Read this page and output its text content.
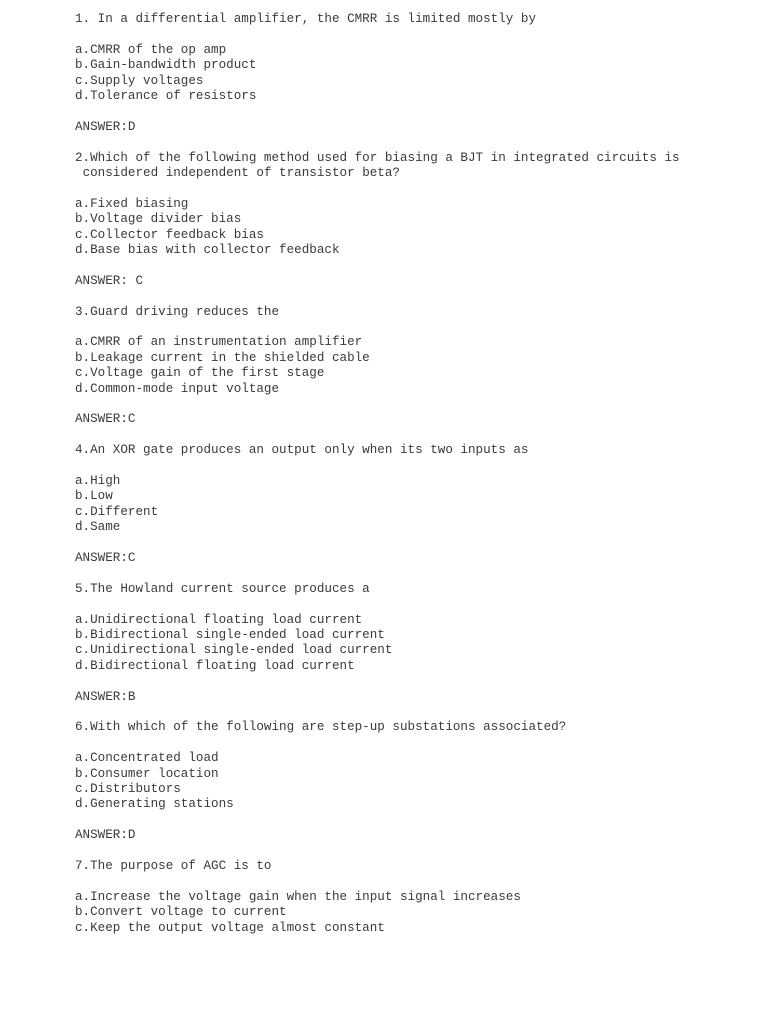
1. In a differential amplifier, the CMRR is limited mostly by
a.CMRR of the op amp
b.Gain-bandwidth product
c.Supply voltages
d.Tolerance of resistors
ANSWER:D
2.Which of the following method used for biasing a BJT in integrated circuits is
considered independent of transistor beta?
a.Fixed biasing
b.Voltage divider bias
c.Collector feedback bias
d.Base bias with collector feedback
ANSWER: C
3.Guard driving reduces the
a.CMRR of an instrumentation amplifier
b.Leakage current in the shielded cable
c.Voltage gain of the first stage
d.Common-mode input voltage
ANSWER:C
4.An XOR gate produces an output only when its two inputs as
a.High
b.Low
c.Different
d.Same
ANSWER:C
5.The Howland current source produces a
a.Unidirectional floating load current
b.Bidirectional single-ended load current
c.Unidirectional single-ended load current
d.Bidirectional floating load current
ANSWER:B
6.With which of the following are step-up substations associated?
a.Concentrated load
b.Consumer location
c.Distributors
d.Generating stations
ANSWER:D
7.The purpose of AGC is to
a.Increase the voltage gain when the input signal increases
b.Convert voltage to current
c.Keep the output voltage almost constant
